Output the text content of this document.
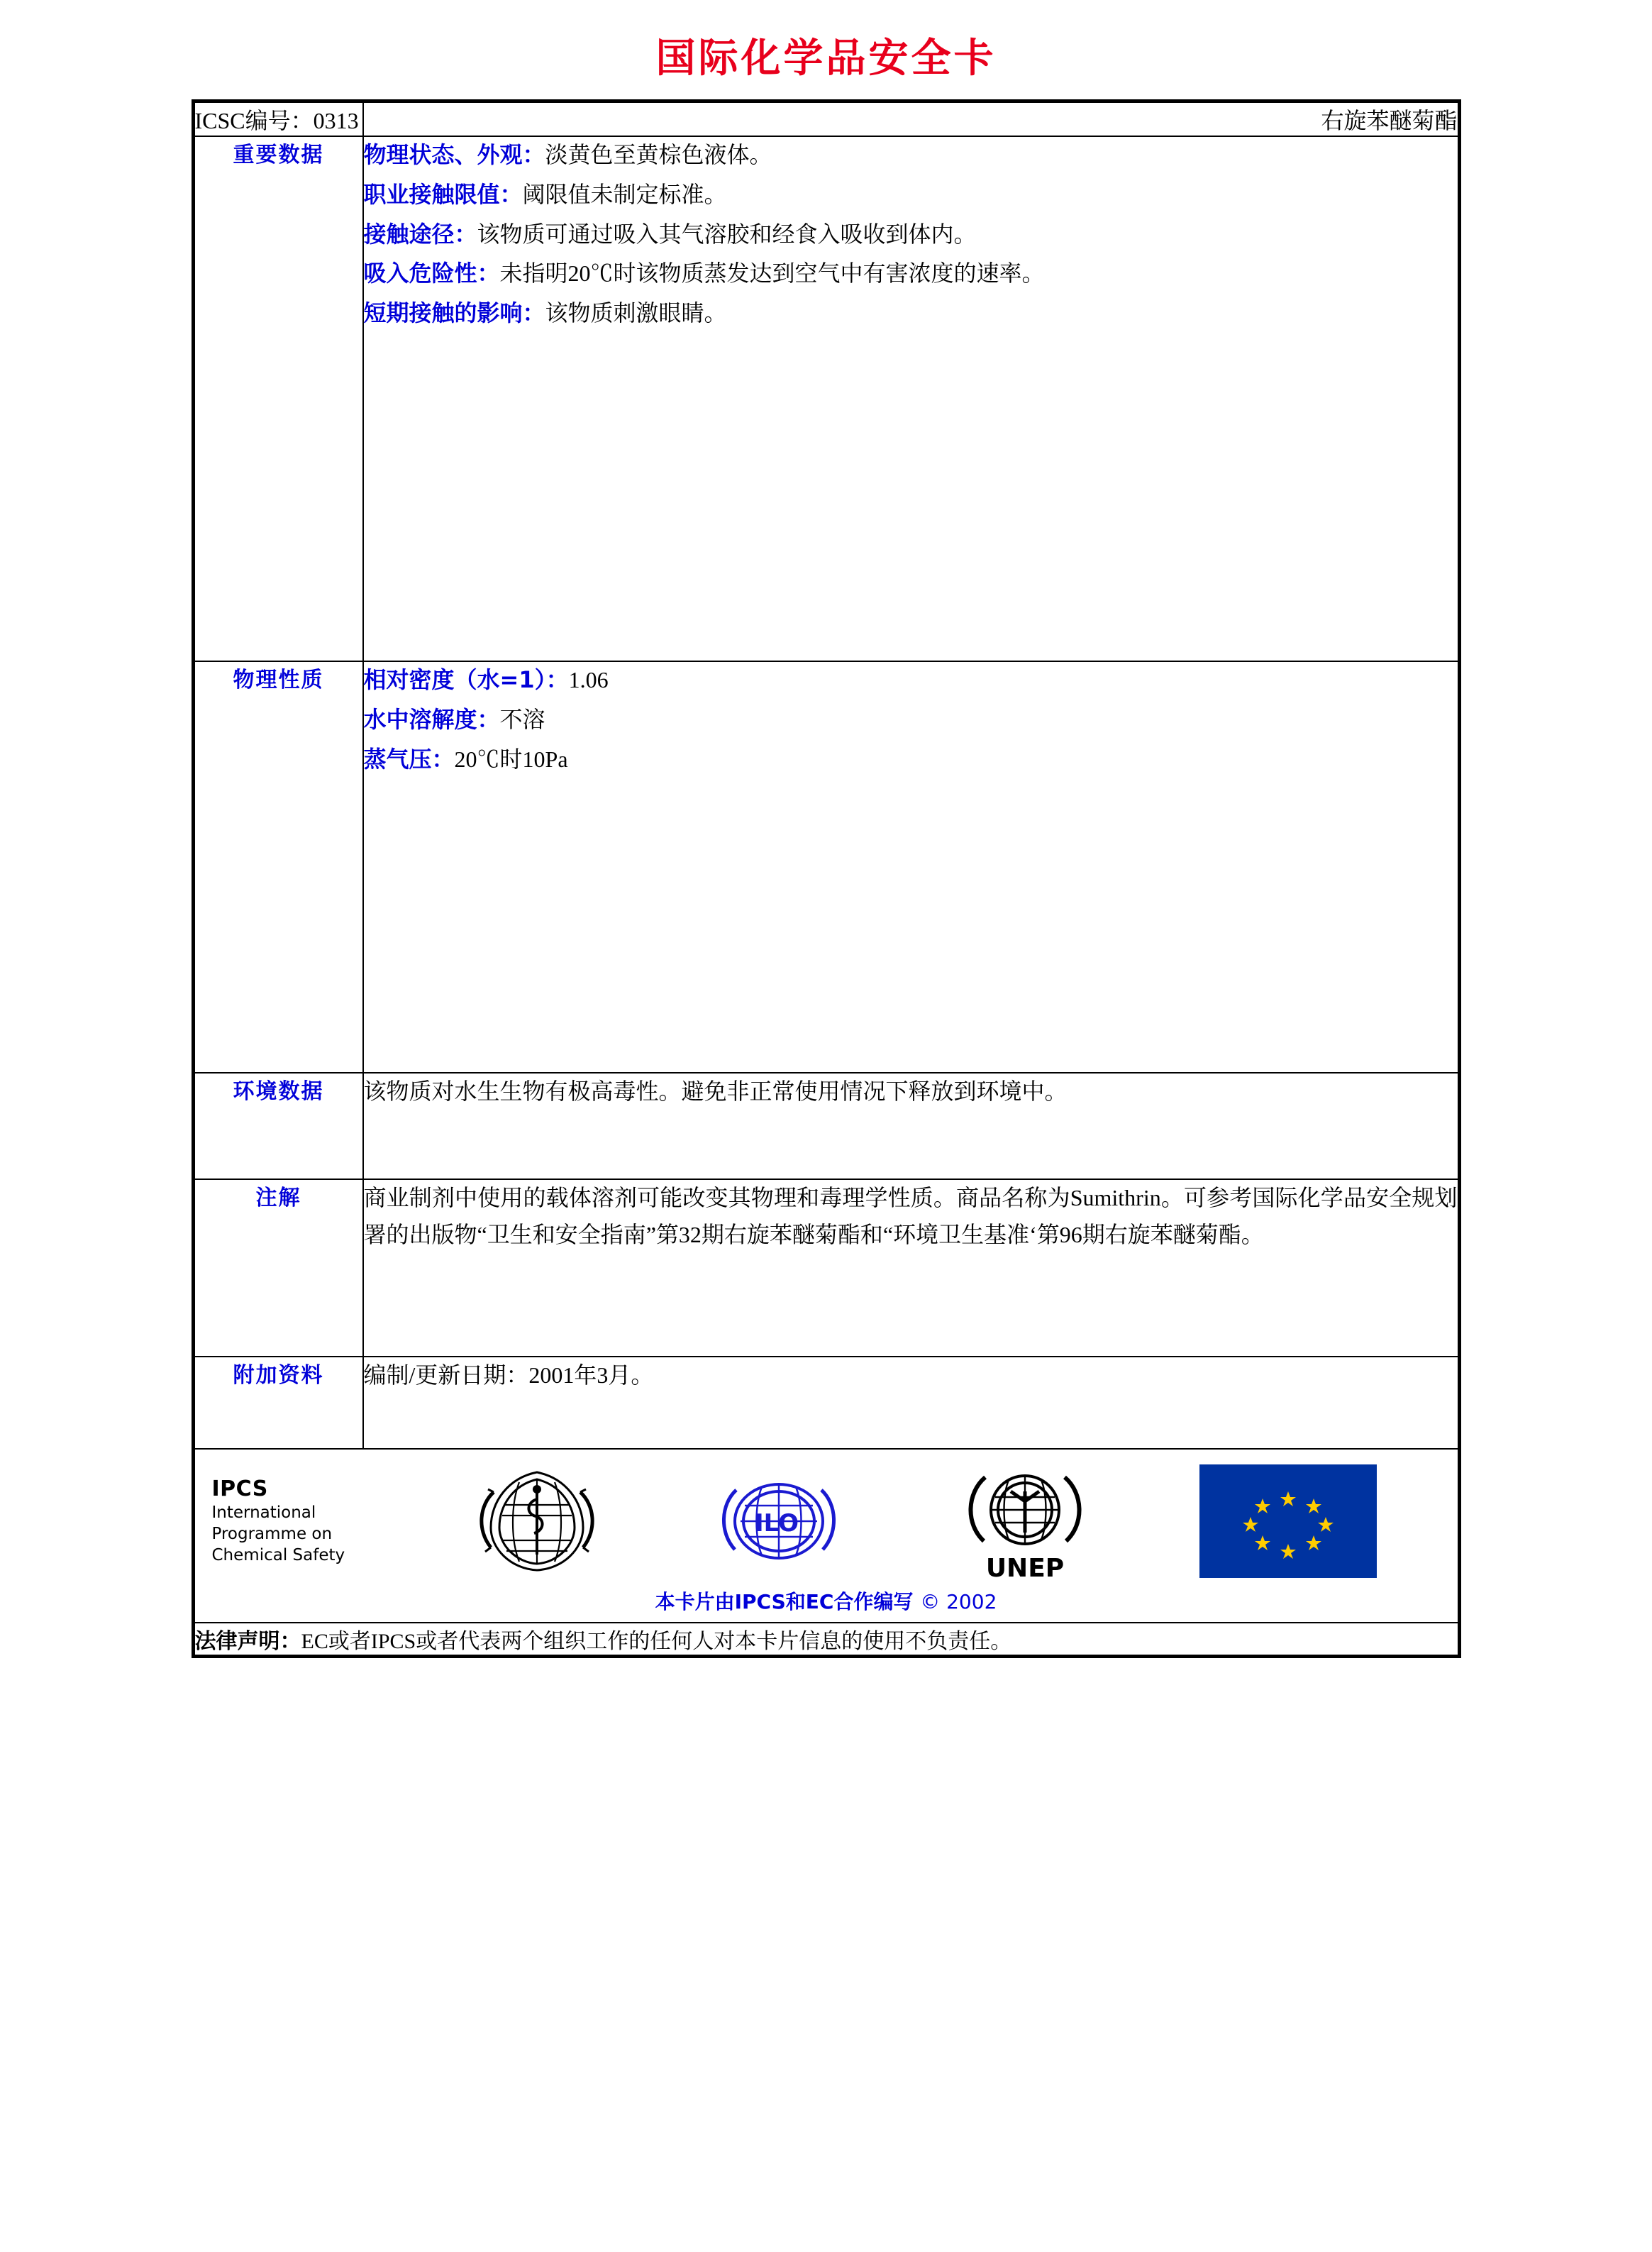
国际化学品安全卡
ICSC编号：0313	右旋苯醚菊酯
重要数据	物理状态、外观：淡黄色至黄棕色液体。
职业接触限值：阈限值未制定标准。
接触途径：该物质可通过吸入其气溶胶和经食入吸收到体内。
吸入危险性：未指明20℃时该物质蒸发达到空气中有害浓度的速率。
短期接触的影响：该物质刺激眼睛。

物理性质	相对密度（水=1）：1.06
水中溶解度：不溶
蒸气压：20℃时10Pa

环境数据	该物质对水生生物有极高毒性。避免非正常使用情况下释放到环境中。

注解	商业制剂中使用的载体溶剂可能改变其物理和毒理学性质。商品名称为Sumithrin。可参考国际化学品安全规划署的出版物“卫生和安全指南”第32期右旋苯醚菊酯和“环境卫生基准‘第96期右旋苯醚菊酯。

附加资料	编制/更新日期：2001年3月。

IPCS
International
Programme on
Chemical Safety
ILO
UNEP
本卡片由IPCS和EC合作编写 © 2002

法律声明：EC或者IPCS或者代表两个组织工作的任何人对本卡片信息的使用不负责任。	
